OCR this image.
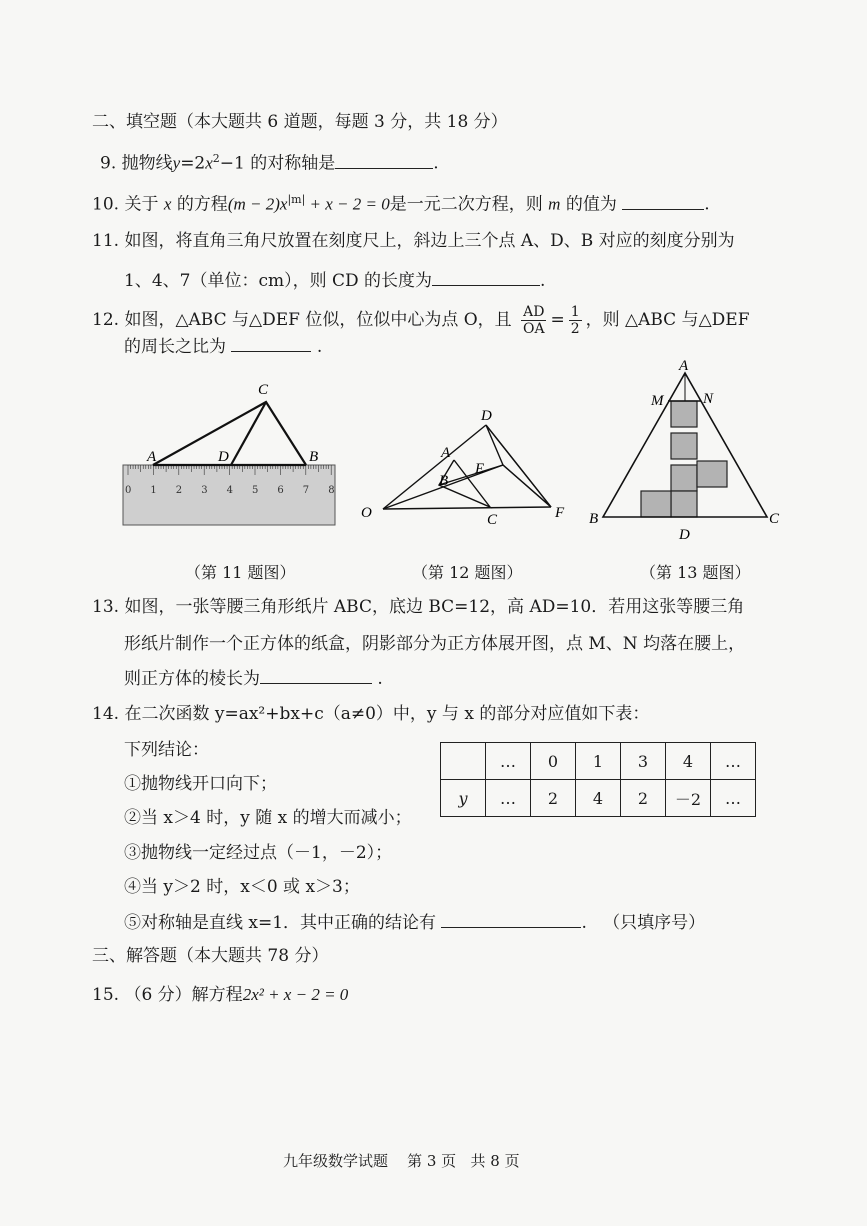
二、填空题（本大题共 6 道题，每题 3 分，共 18 分）
9. 抛物线$y=2x^2-1$ 的对称轴是	.
10. 关于 x 的方程$(m - 2)x^{|m|} + x - 2 = 0$是一元二次方程，则 m 的值为	.
11. 如图，将直角三角尺放置在刻度尺上，斜边上三个点 A、D、B 对应的刻度分别为
1、4、7（单位：cm），则 CD 的长度为	.
12. 如图，△ABC 与△DEF 位似，位似中心为点 O，且 $\frac{AD}{OA} = \frac{1}{2}$ ，则 △ABC 与△DEF
的周长之比为	.
0 1 2 3 4 5 6 7 8
C
A	D	B
（第 11 题图）
O
A
B
C
D
E
F
（第 12 题图）
A
M	N
B	C
D
（第 13 题图）
13. 如图，一张等腰三角形纸片 ABC，底边 BC=12，高 AD=10．若用这张等腰三角
形纸片制作一个正方体的纸盒，阴影部分为正方体展开图，点 M、N 均落在腰上，
则正方体的棱长为	.
14. 在二次函数 y=ax²+bx+c（a≠0）中，y 与 x 的部分对应值如下表：
下列结论：
	…	0	1	3	4	…
y	…	2	4	2	－2	…
①抛物线开口向下；
②当 x＞4 时，y 随 x 的增大而减小；
③抛物线一定经过点（－1，－2）；
④当 y＞2 时，x＜0 或 x＞3；
⑤对称轴是直线 x=1．其中正确的结论有	. （只填序号）
三、解答题（本大题共 78 分）
15. （6 分）解方程2x² + x − 2 = 0
九年级数学试题 第 3 页 共 8 页
